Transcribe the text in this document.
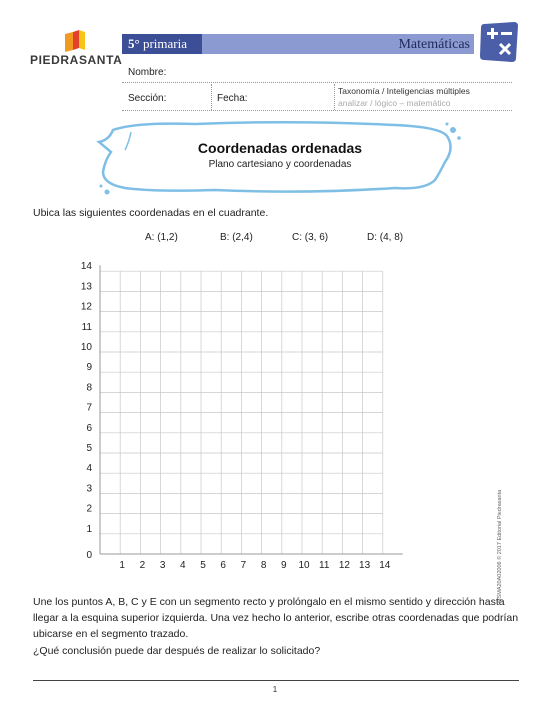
PIEDRASANTA
5° primaria	Matemáticas
Nombre:
Sección:	Fecha:
Taxonomía / Inteligencias múltiples
analizar / lógico – matemático
Coordenadas ordenadas
Plano cartesiano y coordenadas
Ubica las siguientes coordenadas en el cuadrante.
A: (1,2)	B: (2,4)	C: (3, 6)	D: (4, 8)
1 2 3 4 5 6 7 8 9 10 11 12 13 14
14
13
12
11
10
9
8
7
6
5
4
3
2
1
0
Une los puntos A, B, C y E con un segmento recto y prolóngalo en el mismo sentido y dirección hasta llegar a la esquina superior izquierda. Una vez hecho lo anterior, escribe otras coordenadas que podrían ubicarse en el segmento trazado.
¿Qué conclusión puede dar después de realizar lo solicitado?
1
MSMA20A02006 © 2017 Editorial Piedrasanta
